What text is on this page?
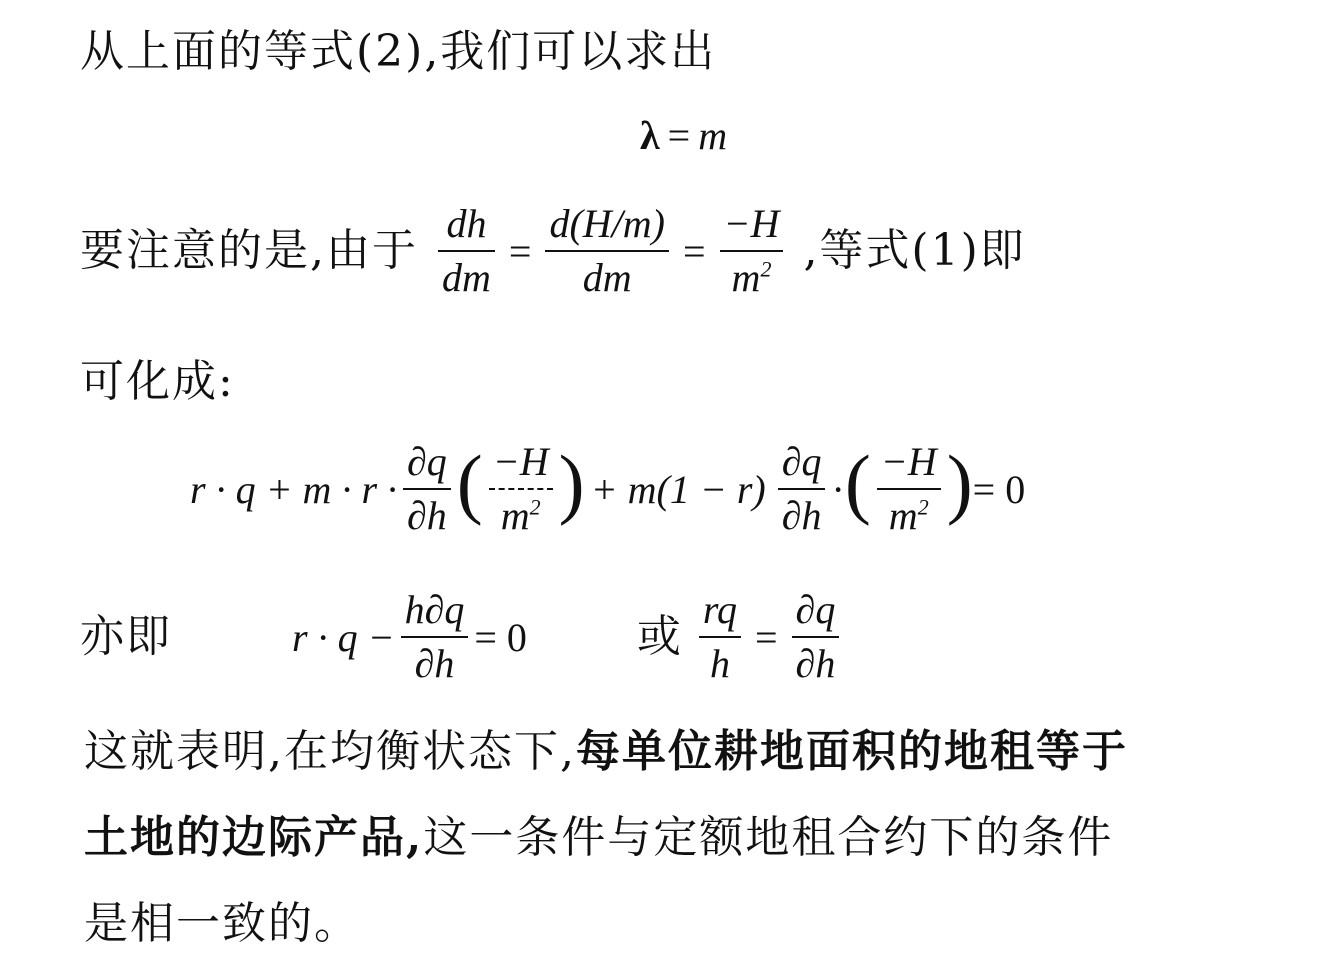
从上面的等式(2),我们可以求出
λ = m
要注意的是,由于 $\frac{dh}{dm} = \frac{d(H/m)}{dm} = \frac{-H}{m^2}$ ,等式(1)即
可化成:
$r \cdot q + m \cdot r \cdot \frac{\partial q}{\partial h}$ ( $\frac{-H}{m^2}$ ) + $m(1 - r) \frac{\partial q}{\partial h}$ · ( $\frac{-H}{m^2}$ ) = 0
亦即	$r \cdot q - \frac{h\partial q}{\partial h} = 0$	或 $\frac{rq}{h} = \frac{\partial q}{\partial h}$
这就表明,在均衡状态下,每单位耕地面积的地租等于
土地的边际产品,这一条件与定额地租合约下的条件
是相一致的。
